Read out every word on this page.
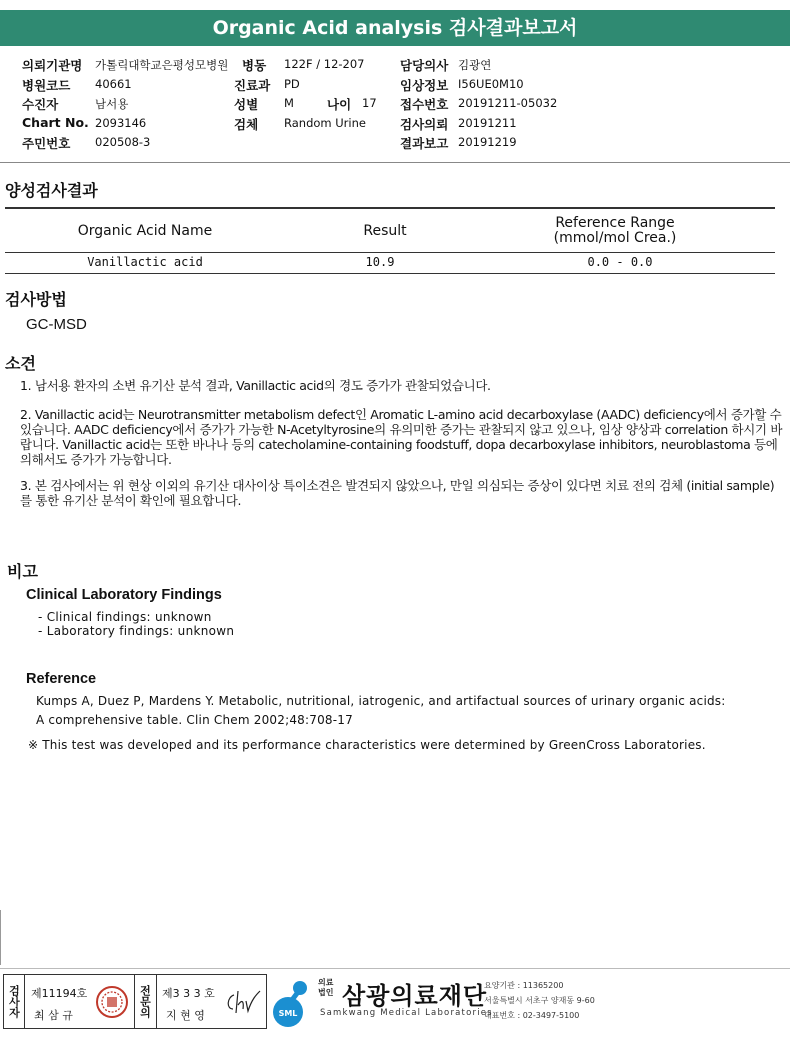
Organic Acid analysis 검사결과보고서
의뢰기관명 가톨릭대학교은평성모병원 병동 122F / 12-207	담당의사 김광연
병원코드 40661	진료과 PD	임상정보 I56UE0M10
수진자	남서용	성별 M	나이 17 접수번호 20191211-05032
Chart No. 2093146	검체 Random Urine	검사의뢰 20191211
주민번호 020508-3	결과보고 20191219
양성검사결과
Organic Acid Name	Result	Reference Range
(mmol/mol Crea.)
Vanillactic acid	10.9	0.0 - 0.0
검사방법
GC-MSD
소견
1. 남서용 환자의 소변 유기산 분석 결과, Vanillactic acid의 경도 증가가 관찰되었습니다.
2. Vanillactic acid는 Neurotransmitter metabolism defect인 Aromatic L-amino acid decarboxylase (AADC) deficiency에서 증가할 수 있습니다. AADC deficiency에서 증가가 가능한 N-Acetyltyrosine의 유의미한 증가는 관찰되지 않고 있으나, 임상 양상과 correlation 하시기 바랍니다. Vanillactic acid는 또한 바나나 등의 catecholamine-containing foodstuff, dopa decarboxylase inhibitors, neuroblastoma 등에 의해서도 증가가 가능합니다.
3. 본 검사에서는 위 현상 이외의 유기산 대사이상 특이소견은 발견되지 않았으나, 만일 의심되는 증상이 있다면 치료 전의 검체 (initial sample)를 통한 유기산 분석이 확인에 필요합니다.
비고
Clinical Laboratory Findings
- Clinical findings: unknown
- Laboratory findings: unknown
Reference
Kumps A, Duez P, Mardens Y. Metabolic, nutritional, iatrogenic, and artifactual sources of urinary organic acids:
A comprehensive table. Clin Chem 2002;48:708-17
※ This test was developed and its performance characteristics were determined by GreenCross Laboratories.
검사자 제11194호
최 삼 규	전문의 제3 3 3 호
지 현 영	SML
의료법인 삼광의료재단
Samkwang Medical Laboratories
요양기관 : 11365200
서울특별시 서초구 양재동 9-60
대표번호 : 02-3497-5100
